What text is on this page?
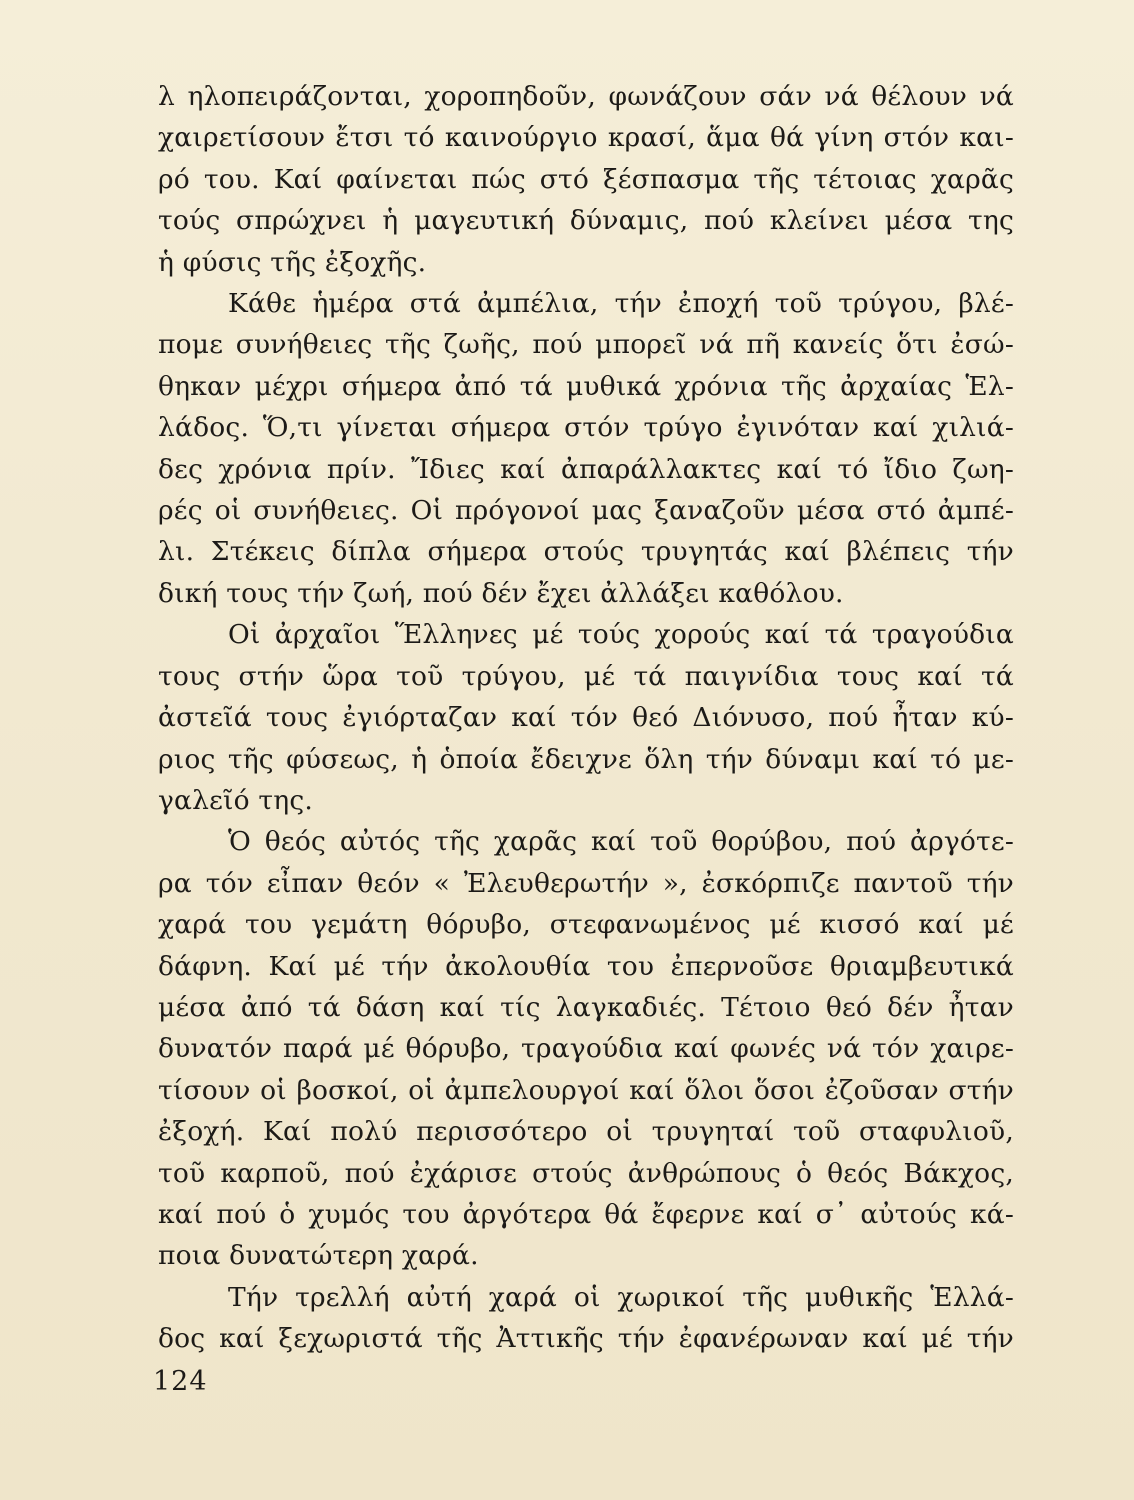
λ ηλοπειράζονται, χοροπηδοῦν, φωνάζουν σάν νά θέλουν νά
χαιρετίσουν ἔτσι τό καινούργιο κρασί, ἅμα θά γίνη στόν και-
ρό του. Καί φαίνεται πώς στό ξέσπασμα τῆς τέτοιας χαρᾶς
τούς σπρώχνει ἡ μαγευτική δύναμις, πού κλείνει μέσα της
ἡ φύσις τῆς ἐξοχῆς.
Κάθε ἡμέρα στά ἀμπέλια, τήν ἐποχή τοῦ τρύγου, βλέ-
πομε συνήθειες τῆς ζωῆς, πού μπορεῖ νά πῆ κανείς ὅτι ἐσώ-
θηκαν μέχρι σήμερα ἀπό τά μυθικά χρόνια τῆς ἀρχαίας Ἑλ-
λάδος. Ὅ,τι γίνεται σήμερα στόν τρύγο ἐγινόταν καί χιλιά-
δες χρόνια πρίν. Ἴδιες καί ἀπαράλλακτες καί τό ἴδιο ζωη-
ρές οἱ συνήθειες. Οἱ πρόγονοί μας ξαναζοῦν μέσα στό ἀμπέ-
λι. Στέκεις δίπλα σήμερα στούς τρυγητάς καί βλέπεις τήν
δική τους τήν ζωή, πού δέν ἔχει ἀλλάξει καθόλου.
Οἱ ἀρχαῖοι Ἕλληνες μέ τούς χορούς καί τά τραγούδια
τους στήν ὥρα τοῦ τρύγου, μέ τά παιγνίδια τους καί τά
ἀστεῖά τους ἐγιόρταζαν καί τόν θεό Διόνυσο, πού ἦταν κύ-
ριος τῆς φύσεως, ἡ ὁποία ἔδειχνε ὅλη τήν δύναμι καί τό με-
γαλεῖό της.
Ὁ θεός αὐτός τῆς χαρᾶς καί τοῦ θορύβου, πού ἀργότε-
ρα τόν εἶπαν θεόν « Ἐλευθερωτήν », ἐσκόρπιζε παντοῦ τήν
χαρά του γεμάτη θόρυβο, στεφανωμένος μέ κισσό καί μέ
δάφνη. Καί μέ τήν ἀκολουθία του ἐπερνοῦσε θριαμβευτικά
μέσα ἀπό τά δάση καί τίς λαγκαδιές. Τέτοιο θεό δέν ἦταν
δυνατόν παρά μέ θόρυβο, τραγούδια καί φωνές νά τόν χαιρε-
τίσουν οἱ βοσκοί, οἱ ἀμπελουργοί καί ὅλοι ὅσοι ἐζοῦσαν στήν
ἐξοχή. Καί πολύ περισσότερο οἱ τρυγηταί τοῦ σταφυλιοῦ,
τοῦ καρποῦ, πού ἐχάρισε στούς ἀνθρώπους ὁ θεός Βάκχος,
καί πού ὁ χυμός του ἀργότερα θά ἔφερνε καί σ᾿ αὐτούς κά-
ποια δυνατώτερη χαρά.
Τήν τρελλή αὐτή χαρά οἱ χωρικοί τῆς μυθικῆς Ἑλλά-
δος καί ξεχωριστά τῆς Ἀττικῆς τήν ἐφανέρωναν καί μέ τήν
124
